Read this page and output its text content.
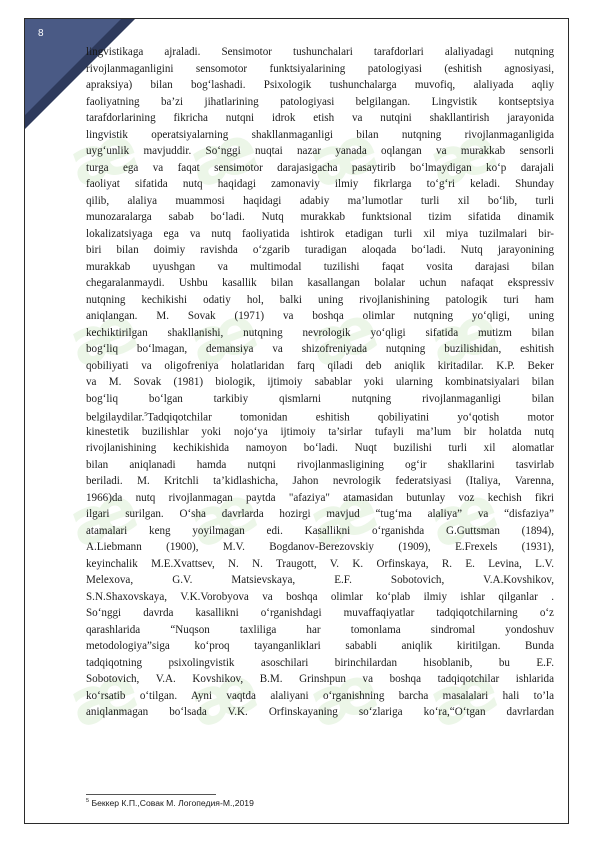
8
æ æ æ æ
æ æ æ æ
æ æ æ æ
æ æ æ æ
lingvistikaga ajraladi. Sensimotor tushunchalari tarafdorlari alaliyadagi nutqning
rivojlanmaganligini sensomotor funktsiyalarining patologiyasi (eshitish agnosiyasi,
apraksiya) bilan bog‘lashadi. Psixologik tushunchalarga muvofiq, alaliyada aqliy
faoliyatning ba’zi jihatlarining patologiyasi belgilangan. Lingvistik kontseptsiya
tarafdorlarining fikricha nutqni idrok etish va nutqini shakllantirish jarayonida
lingvistik operatsiyalarning shakllanmaganligi bilan nutqning rivojlanmaganligida
uyg‘unlik mavjuddir. So‘nggi nuqtai nazar yanada oqlangan va murakkab sensorli
turga ega va faqat sensimotor darajasigacha pasaytirib bo‘lmaydigan ko‘p darajali
faoliyat sifatida nutq haqidagi zamonaviy ilmiy fikrlarga to‘g‘ri keladi. Shunday
qilib, alaliya muammosi haqidagi adabiy ma’lumotlar turli xil bo‘lib, turli
munozaralarga sabab bo‘ladi. Nutq murakkab funktsional tizim sifatida dinamik
lokalizatsiyaga ega va nutq faoliyatida ishtirok etadigan turli xil miya tuzilmalari bir-
biri bilan doimiy ravishda o‘zgarib turadigan aloqada bo‘ladi. Nutq jarayonining
murakkab uyushgan va multimodal tuzilishi faqat vosita darajasi bilan
chegaralanmaydi. Ushbu kasallik bilan kasallangan bolalar uchun nafaqat ekspressiv
nutqning kechikishi odatiy hol, balki uning rivojlanishining patologik turi ham
aniqlangan. M. Sovak (1971) va boshqa olimlar nutqning yo‘qligi, uning
kechiktirilgan shakllanishi, nutqning nevrologik yo‘qligi sifatida mutizm bilan
bog‘liq bo‘lmagan, demansiya va shizofreniyada nutqning buzilishidan, eshitish
qobiliyati va oligofreniya holatlaridan farq qiladi deb aniqlik kiritadilar. K.P. Beker
va M. Sovak (1981) biologik, ijtimoiy sabablar yoki ularning kombinatsiyalari bilan
bog‘liq bo‘lgan tarkibiy qismlarni nutqning rivojlanmaganligi bilan
belgilaydilar.$^5$Tadqiqotchilar tomonidan eshitish qobiliyatini yo‘qotish motor
kinestetik buzilishlar yoki nojo‘ya ijtimoiy ta’sirlar tufayli ma’lum bir holatda nutq
rivojlanishining kechikishida namoyon bo‘ladi. Nuqt buzilishi turli xil alomatlar
bilan aniqlanadi hamda nutqni rivojlanmasligining og‘ir shakllarini tasvirlab
beriladi. M. Kritchli ta’kidlashicha, Jahon nevrologik federatsiyasi (Italiya, Varenna,
1966)da nutq rivojlanmagan paytda "afaziya" atamasidan butunlay voz kechish fikri
ilgari surilgan. O‘sha davrlarda hozirgi mavjud “tug‘ma alaliya” va “disfaziya”
atamalari keng yoyilmagan edi. Kasallikni o‘rganishda G.Guttsman (1894),
A.Liebmann (1900), M.V. Bogdanov-Berezovskiy (1909), E.Frexels (1931),
keyinchalik M.E.Xvattsev, N. N. Traugott, V. K. Orfinskaya, R. E. Levina, L.V.
Melexova, G.V. Matsievskaya, E.F. Sobotovich, V.A.Kovshikov,
S.N.Shaxovskaya, V.K.Vorobyova va boshqa olimlar ko‘plab ilmiy ishlar qilganlar .
So‘nggi davrda kasallikni o‘rganishdagi muvaffaqiyatlar tadqiqotchilarning o‘z
qarashlarida “Nuqson taxliliga har tomonlama sindromal yondoshuv
metodologiya”siga ko‘proq tayanganliklari sababli aniqlik kiritilgan. Bunda
tadqiqotning psixolingvistik asoschilari birinchilardan hisoblanib, bu E.F.
Sobotovich, V.A. Kovshikov, B.M. Grinshpun va boshqa tadqiqotchilar ishlarida
ko‘rsatib o‘tilgan. Ayni vaqtda alaliyani o‘rganishning barcha masalalari hali to’la
aniqlanmagan bo‘lsada V.K. Orfinskayaning so‘zlariga ko‘ra,“O‘tgan davrlardan
$^5$ Беккер К.П.,Совак М. Логопедия-М.,2019
